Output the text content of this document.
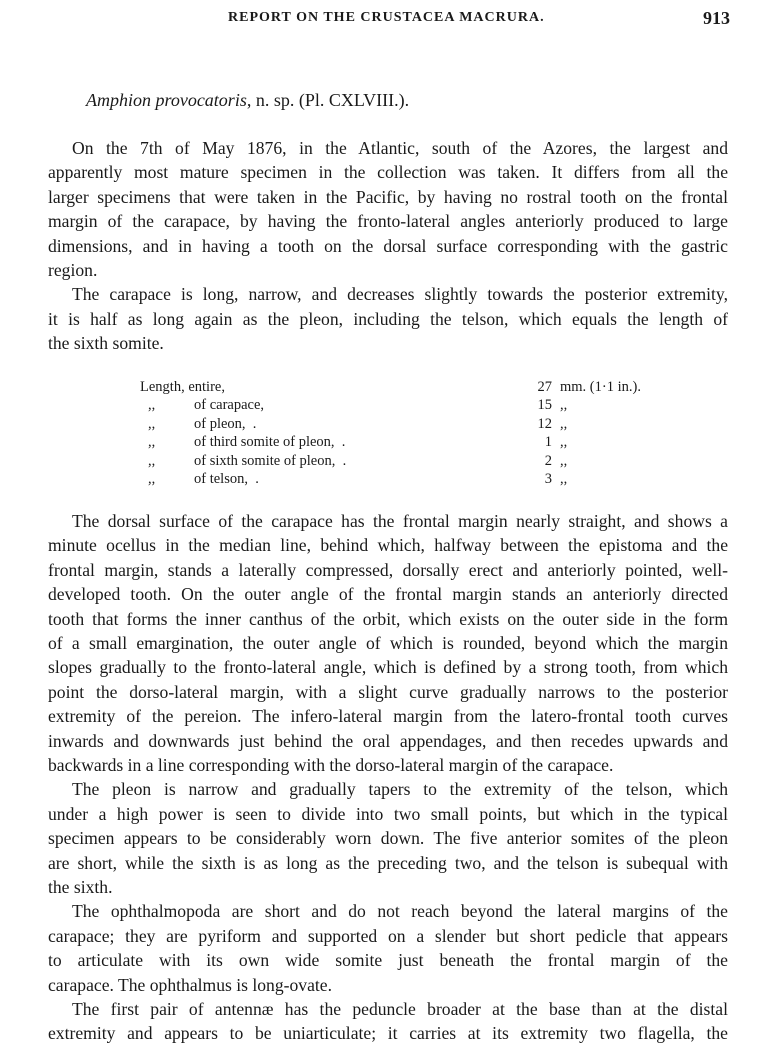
REPORT ON THE CRUSTACEA MACRURA.	913
Amphion provocatoris, n. sp. (Pl. CXLVIII.).
On the 7th of May 1876, in the Atlantic, south of the Azores, the largest and
apparently most mature specimen in the collection was taken. It differs from all the
larger specimens that were taken in the Pacific, by having no rostral tooth on the frontal
margin of the carapace, by having the fronto-lateral angles anteriorly produced to large
dimensions, and in having a tooth on the dorsal surface corresponding with the gastric
region.
The carapace is long, narrow, and decreases slightly towards the posterior extremity,
it is half as long again as the pleon, including the telson, which equals the length of
the sixth somite.
Length, entire,	27 mm. (1·1 in.).
,,	of carapace,	15 ,,
,,	of pleon,  .	12 ,,
,,	of third somite of pleon,  .	1 ,,
,,	of sixth somite of pleon,  .	2 ,,
,,	of telson,  .	3 ,,
The dorsal surface of the carapace has the frontal margin nearly straight, and shows a
minute ocellus in the median line, behind which, halfway between the epistoma and the
frontal margin, stands a laterally compressed, dorsally erect and anteriorly pointed, well-
developed tooth. On the outer angle of the frontal margin stands an anteriorly directed
tooth that forms the inner canthus of the orbit, which exists on the outer side in the form
of a small emargination, the outer angle of which is rounded, beyond which the margin
slopes gradually to the fronto-lateral angle, which is defined by a strong tooth, from which
point the dorso-lateral margin, with a slight curve gradually narrows to the posterior
extremity of the pereion. The infero-lateral margin from the latero-frontal tooth curves
inwards and downwards just behind the oral appendages, and then recedes upwards and
backwards in a line corresponding with the dorso-lateral margin of the carapace.
The pleon is narrow and gradually tapers to the extremity of the telson, which
under a high power is seen to divide into two small points, but which in the typical
specimen appears to be considerably worn down. The five anterior somites of the pleon
are short, while the sixth is as long as the preceding two, and the telson is subequal with
the sixth.
The ophthalmopoda are short and do not reach beyond the lateral margins of the
carapace; they are pyriform and supported on a slender but short pedicle that appears
to articulate with its own wide somite just beneath the frontal margin of the
carapace. The ophthalmus is long-ovate.
The first pair of antennæ has the peduncle broader at the base than at the distal
extremity and appears to be uniarticulate; it carries at its extremity two flagella, the
